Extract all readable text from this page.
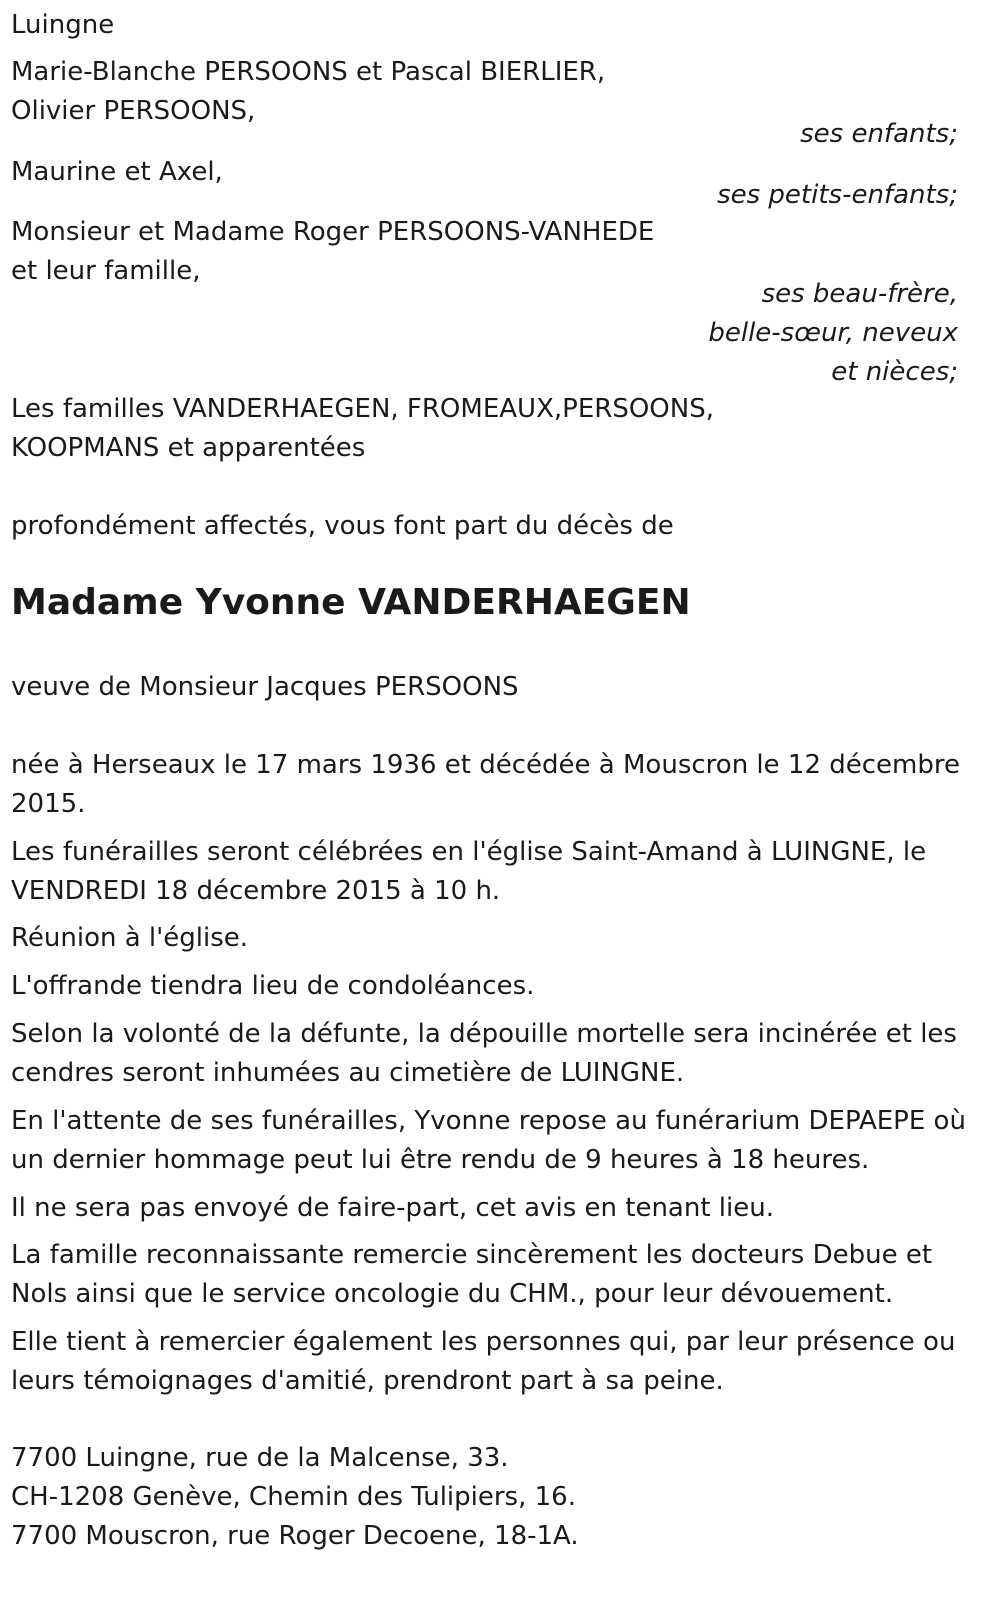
Luingne
Marie-Blanche PERSOONS et Pascal BIERLIER,
Olivier PERSOONS,
ses enfants;
Maurine et Axel,
ses petits-enfants;
Monsieur et Madame Roger PERSOONS-VANHEDE
et leur famille,
ses beau-frère,
belle-sœur, neveux
et nièces;
Les familles VANDERHAEGEN, FROMEAUX,PERSOONS,
KOOPMANS et apparentées
profondément affectés, vous font part du décès de
Madame Yvonne VANDERHAEGEN
veuve de Monsieur Jacques PERSOONS
née à Herseaux le 17 mars 1936 et décédée à Mouscron le 12 décembre
2015.
Les funérailles seront célébrées en l'église Saint-Amand à LUINGNE, le
VENDREDI 18 décembre 2015 à 10 h.
Réunion à l'église.
L'offrande tiendra lieu de condoléances.
Selon la volonté de la défunte, la dépouille mortelle sera incinérée et les
cendres seront inhumées au cimetière de LUINGNE.
En l'attente de ses funérailles, Yvonne repose au funérarium DEPAEPE où
un dernier hommage peut lui être rendu de 9 heures à 18 heures.
Il ne sera pas envoyé de faire-part, cet avis en tenant lieu.
La famille reconnaissante remercie sincèrement les docteurs Debue et
Nols ainsi que le service oncologie du CHM., pour leur dévouement.
Elle tient à remercier également les personnes qui, par leur présence ou
leurs témoignages d'amitié, prendront part à sa peine.
7700 Luingne, rue de la Malcense, 33.
CH-1208 Genève, Chemin des Tulipiers, 16.
7700 Mouscron, rue Roger Decoene, 18-1A.
